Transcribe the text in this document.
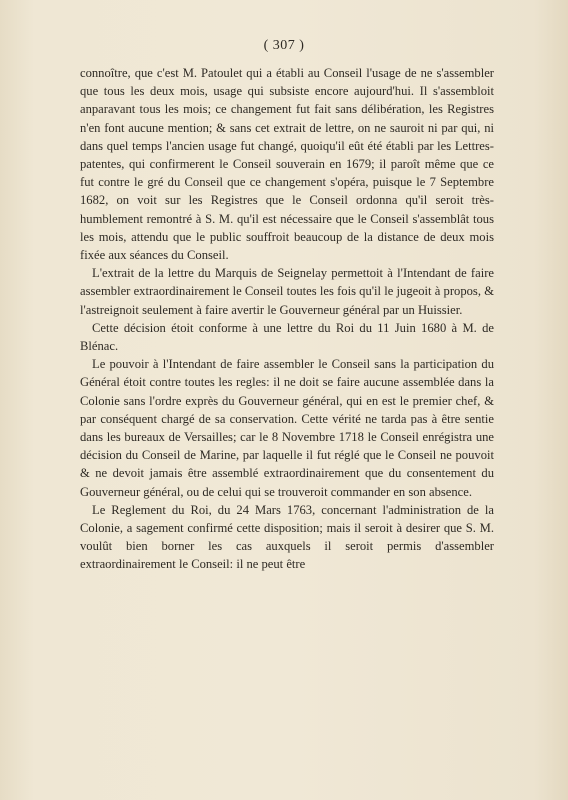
( 307 )

connoître, que c'est M. Patoulet qui a établi au Conseil l'usage de ne s'assembler que tous les deux mois, usage qui subsiste encore aujourd'hui. Il s'assembloit anparavant tous les mois; ce changement fut fait sans délibération, les Registres n'en font aucune mention; & sans cet extrait de lettre, on ne sauroit ni par qui, ni dans quel temps l'ancien usage fut changé, quoiqu'il eût été établi par les Lettres-patentes, qui confirmerent le Conseil souverain en 1679; il paroît même que ce fut contre le gré du Conseil que ce changement s'opéra, puisque le 7 Septembre 1682, on voit sur les Registres que le Conseil ordonna qu'il seroit très-humblement remontré à S. M. qu'il est nécessaire que le Conseil s'assemblât tous les mois, attendu que le public souffroit beaucoup de la distance de deux mois fixée aux séances du Conseil.

L'extrait de la lettre du Marquis de Seignelay permettoit à l'Intendant de faire assembler extraordinairement le Conseil toutes les fois qu'il le jugeoit à propos, & l'astreignoit seulement à faire avertir le Gouverneur général par un Huissier.

Cette décision étoit conforme à une lettre du Roi du 11 Juin 1680 à M. de Blénac.

Le pouvoir à l'Intendant de faire assembler le Conseil sans la participation du Général étoit contre toutes les regles: il ne doit se faire aucune assemblée dans la Colonie sans l'ordre exprès du Gouverneur général, qui en est le premier chef, & par conséquent chargé de sa conservation. Cette vérité ne tarda pas à être sentie dans les bureaux de Versailles; car le 8 Novembre 1718 le Conseil enrégistra une décision du Conseil de Marine, par laquelle il fut réglé que le Conseil ne pouvoit & ne devoit jamais être assemblé extraordinairement que du consentement du Gouverneur général, ou de celui qui se trouveroit commander en son absence.

Le Reglement du Roi, du 24 Mars 1763, concernant l'administration de la Colonie, a sagement confirmé cette disposition; mais il seroit à desirer que S. M. voulût bien borner les cas auxquels il seroit permis d'assembler extraordinairement le Conseil: il ne peut être
